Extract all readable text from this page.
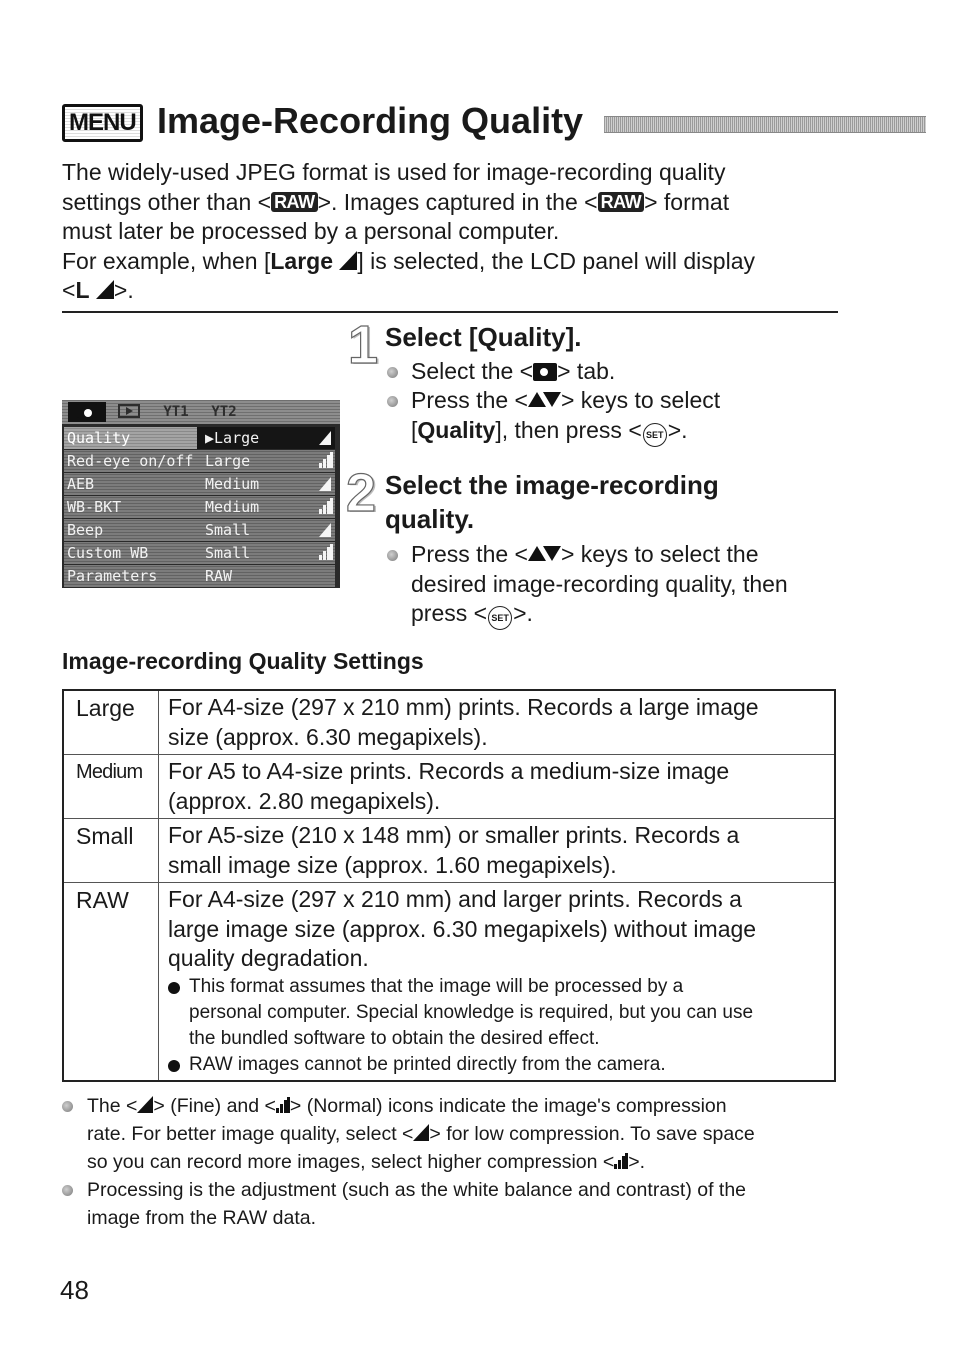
MENU Image-Recording Quality

The widely-used JPEG format is used for image-recording quality

settings other than < RAW >. Images captured in the < RAW > format

must later be processed by a personal computer.

For example, when [Large ] is selected, the LCD panel will display

<L >.

YT1	YT2
Quality	▶Large
Red-eye on/off Large
AEB	Medium
WB-BKT	Medium
Beep	Small
Custom WB	Small
Parameters	RAW
1 Select [Quality].
Select the < > tab.
Press the < > keys to select
[Quality], then press < SET >.
2 Select the image-recording
quality.
Press the < > keys to select the
desired image-recording quality, then
press < SET >.
Image-recording Quality Settings
Large	For A4-size (297 x 210 mm) prints. Records a large image
size (approx. 6.30 megapixels).
Medium	For A5 to A4-size prints. Records a medium-size image
(approx. 2.80 megapixels).
Small	For A5-size (210 x 148 mm) or smaller prints. Records a
small image size (approx. 1.60 megapixels).
RAW	For A4-size (297 x 210 mm) and larger prints. Records a
large image size (approx. 6.30 megapixels) without image
quality degradation.
This format assumes that the image will be processed by a
personal computer. Special knowledge is required, but you can use
the bundled software to obtain the desired effect.
RAW images cannot be printed directly from the camera.
The < > (Fine) and < > (Normal) icons indicate the image's compression
rate. For better image quality, select < > for low compression. To save space
so you can record more images, select higher compression < >.
Processing is the adjustment (such as the white balance and contrast) of the
image from the RAW data.
48
